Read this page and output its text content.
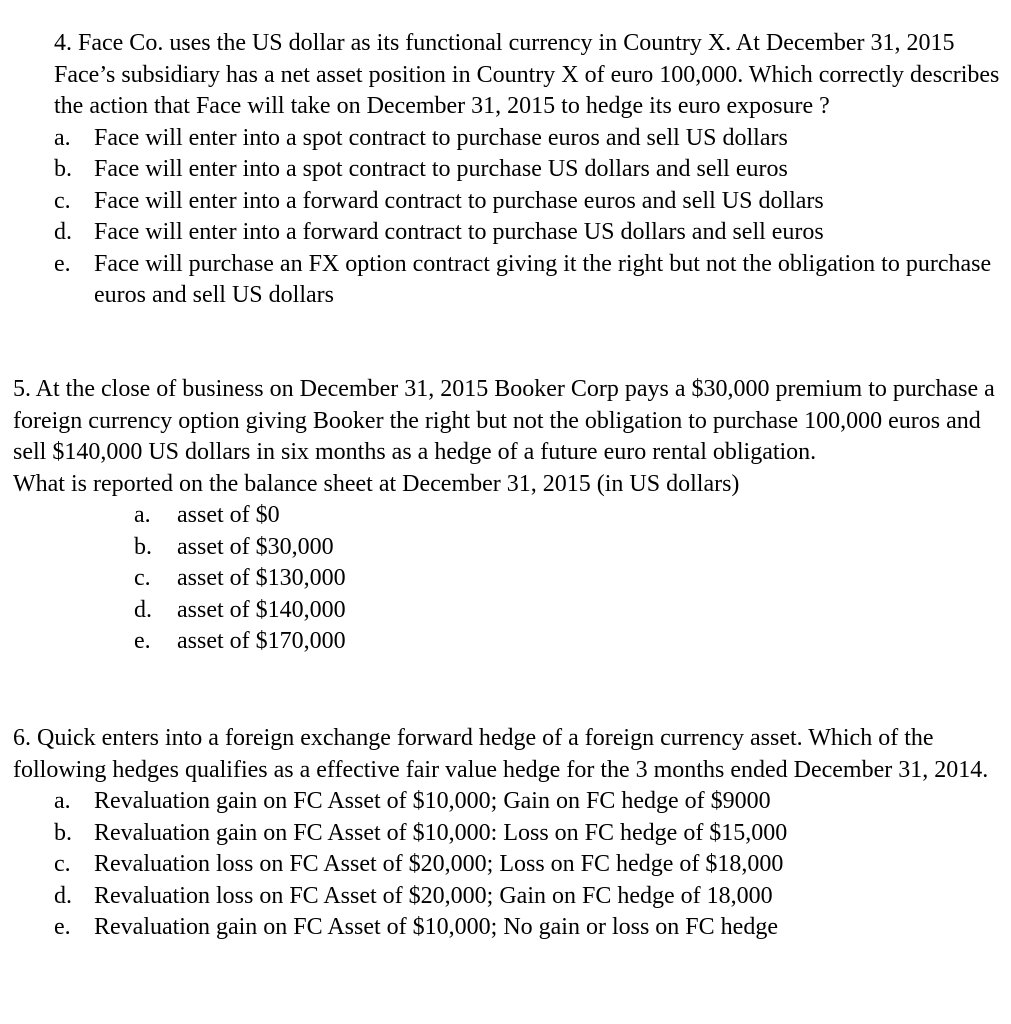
4. Face Co. uses the US dollar as its functional currency in Country X. At December 31, 2015 Face’s subsidiary has a net asset position in Country X of euro 100,000. Which correctly describes the action that Face will take on December 31, 2015 to hedge its euro exposure ?

a. Face will enter into a spot contract to purchase euros and sell US dollars
b. Face will enter into a spot contract to purchase US dollars and sell euros
c. Face will enter into a forward contract to purchase euros and sell US dollars
d. Face will enter into a forward contract to purchase US dollars and sell euros
e. Face will purchase an FX option contract giving it the right but not the obligation to purchase euros and sell US dollars

5. At the close of business on December 31, 2015 Booker Corp pays a $30,000 premium to purchase a foreign currency option giving Booker the right but not the obligation to purchase 100,000 euros and sell $140,000 US dollars in six months as a hedge of a future euro rental obligation.

What is reported on the balance sheet at December 31, 2015 (in US dollars)

a.	asset of $0
b.	asset of $30,000
c.	asset of $130,000
d.	asset of $140,000
e.	asset of $170,000

6. Quick enters into a foreign exchange forward hedge of a foreign currency asset. Which of the following hedges qualifies as a effective fair value hedge for the 3 months ended December 31, 2014.

a. Revaluation gain on FC Asset of $10,000; Gain on FC hedge of $9000
b. Revaluation gain on FC Asset of $10,000: Loss on FC hedge of $15,000
c. Revaluation loss on FC Asset of $20,000; Loss on FC hedge of $18,000
d. Revaluation loss on FC Asset of $20,000; Gain on FC hedge of 18,000
e. Revaluation gain on FC Asset of $10,000; No gain or loss on FC hedge
